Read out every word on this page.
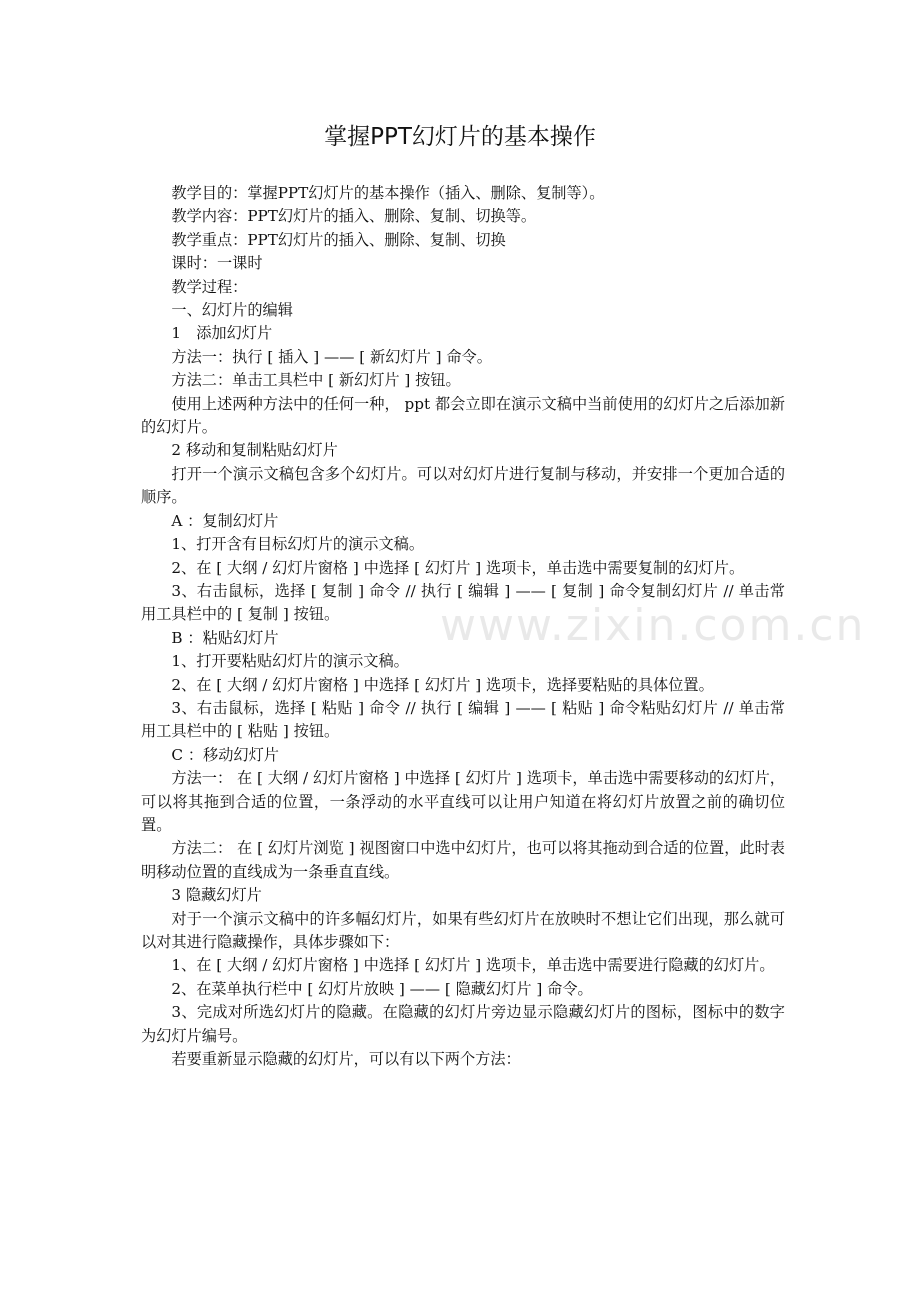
www.zixin.com.cn
掌握PPT幻灯片的基本操作

教学目的：掌握PPT幻灯片的基本操作（插入、删除、复制等）。

教学内容：PPT幻灯片的插入、删除、复制、切换等。

教学重点：PPT幻灯片的插入、删除、复制、切换

课时：一课时

教学过程：

一、幻灯片的编辑

1　添加幻灯片

方法一：执行 [ 插入 ] —— [ 新幻灯片 ] 命令。

方法二：单击工具栏中 [ 新幻灯片 ] 按钮。

使用上述两种方法中的任何一种， ppt 都会立即在演示文稿中当前使用的幻灯片之后添加新的幻灯片。

2 移动和复制粘贴幻灯片

打开一个演示文稿包含多个幻灯片。可以对幻灯片进行复制与移动，并安排一个更加合适的顺序。

A ：复制幻灯片

1、打开含有目标幻灯片的演示文稿。

2、在 [ 大纲 / 幻灯片窗格 ] 中选择 [ 幻灯片 ] 选项卡，单击选中需要复制的幻灯片。

3、右击鼠标，选择 [ 复制 ] 命令 // 执行 [ 编辑 ] —— [ 复制 ] 命令复制幻灯片 // 单击常用工具栏中的 [ 复制 ] 按钮。

B ：粘贴幻灯片

1、打开要粘贴幻灯片的演示文稿。

2、在 [ 大纲 / 幻灯片窗格 ] 中选择 [ 幻灯片 ] 选项卡，选择要粘贴的具体位置。

3、右击鼠标，选择 [ 粘贴 ] 命令 // 执行 [ 编辑 ] —— [ 粘贴 ] 命令粘贴幻灯片 // 单击常用工具栏中的 [ 粘贴 ] 按钮。

C ：移动幻灯片

方法一： 在 [ 大纲 / 幻灯片窗格 ] 中选择 [ 幻灯片 ] 选项卡，单击选中需要移动的幻灯片，可以将其拖到合适的位置，一条浮动的水平直线可以让用户知道在将幻灯片放置之前的确切位置。

方法二： 在 [ 幻灯片浏览 ] 视图窗口中选中幻灯片，也可以将其拖动到合适的位置，此时表明移动位置的直线成为一条垂直直线。

3 隐藏幻灯片

对于一个演示文稿中的许多幅幻灯片，如果有些幻灯片在放映时不想让它们出现，那么就可以对其进行隐藏操作，具体步骤如下：

1、在 [ 大纲 / 幻灯片窗格 ] 中选择 [ 幻灯片 ] 选项卡，单击选中需要进行隐藏的幻灯片。

2、在菜单执行栏中 [ 幻灯片放映 ] —— [ 隐藏幻灯片 ] 命令。

3、完成对所选幻灯片的隐藏。在隐藏的幻灯片旁边显示隐藏幻灯片的图标，图标中的数字为幻灯片编号。

若要重新显示隐藏的幻灯片，可以有以下两个方法：
